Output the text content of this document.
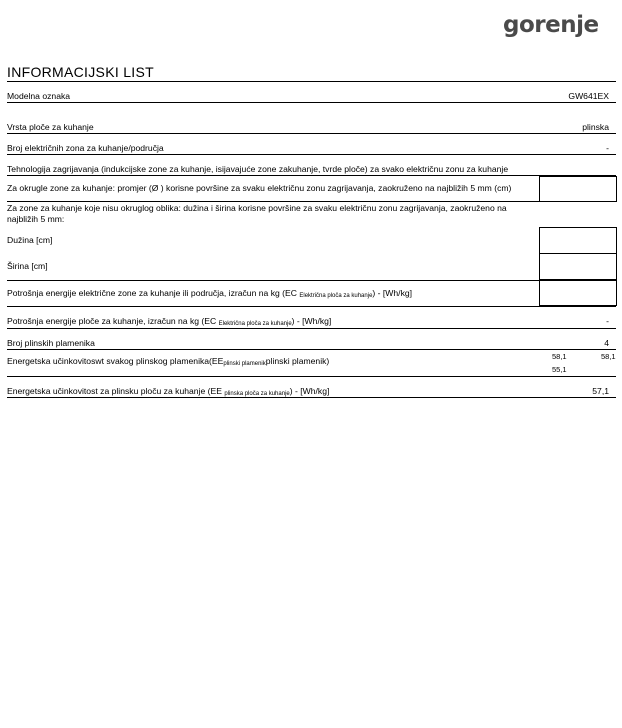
gorenje
INFORMACIJSKI LIST
Modelna oznaka	GW641EX
Vrsta ploče za kuhanje	plinska
Broj električnih zona za kuhanje/područja	-
Tehnologija zagrijavanja (indukcijske zone za kuhanje, isijavajuće zone zakuhanje, tvrde ploče) za svako električnu zonu za kuhanje
Za okrugle zone za kuhanje: promjer (Ø ) korisne površine za svaku električnu zonu zagrijavanja, zaokruženo na najbližih 5 mm (cm)
Za zone za kuhanje koje nisu okruglog oblika: dužina i širina korisne površine za svaku električnu zonu zagrijavanja, zaokruženo na
najbližih 5 mm:
Dužina [cm]
Širina [cm]
Potrošnja energije električne zone za kuhanje ili područja, izračun na kg (EC $_{Električna ploča za kuhanje}$) - [Wh/kg]
Potrošnja energije ploče za kuhanje, izračun na kg (EC $_{Električna ploča za kuhanje}$) - [Wh/kg]	-
Broj plinskih plamenika	4
Energetska učinkovitoswt svakog plinskog $plamenika(EE_{plinski plamenik}plinski$ plamenik)	58,1	58,1
55,1
Energetska učinkovitost za plinsku ploču za kuhanje (EE $_{plinska ploča za kuhanje}$) - [Wh/kg]	57,1
